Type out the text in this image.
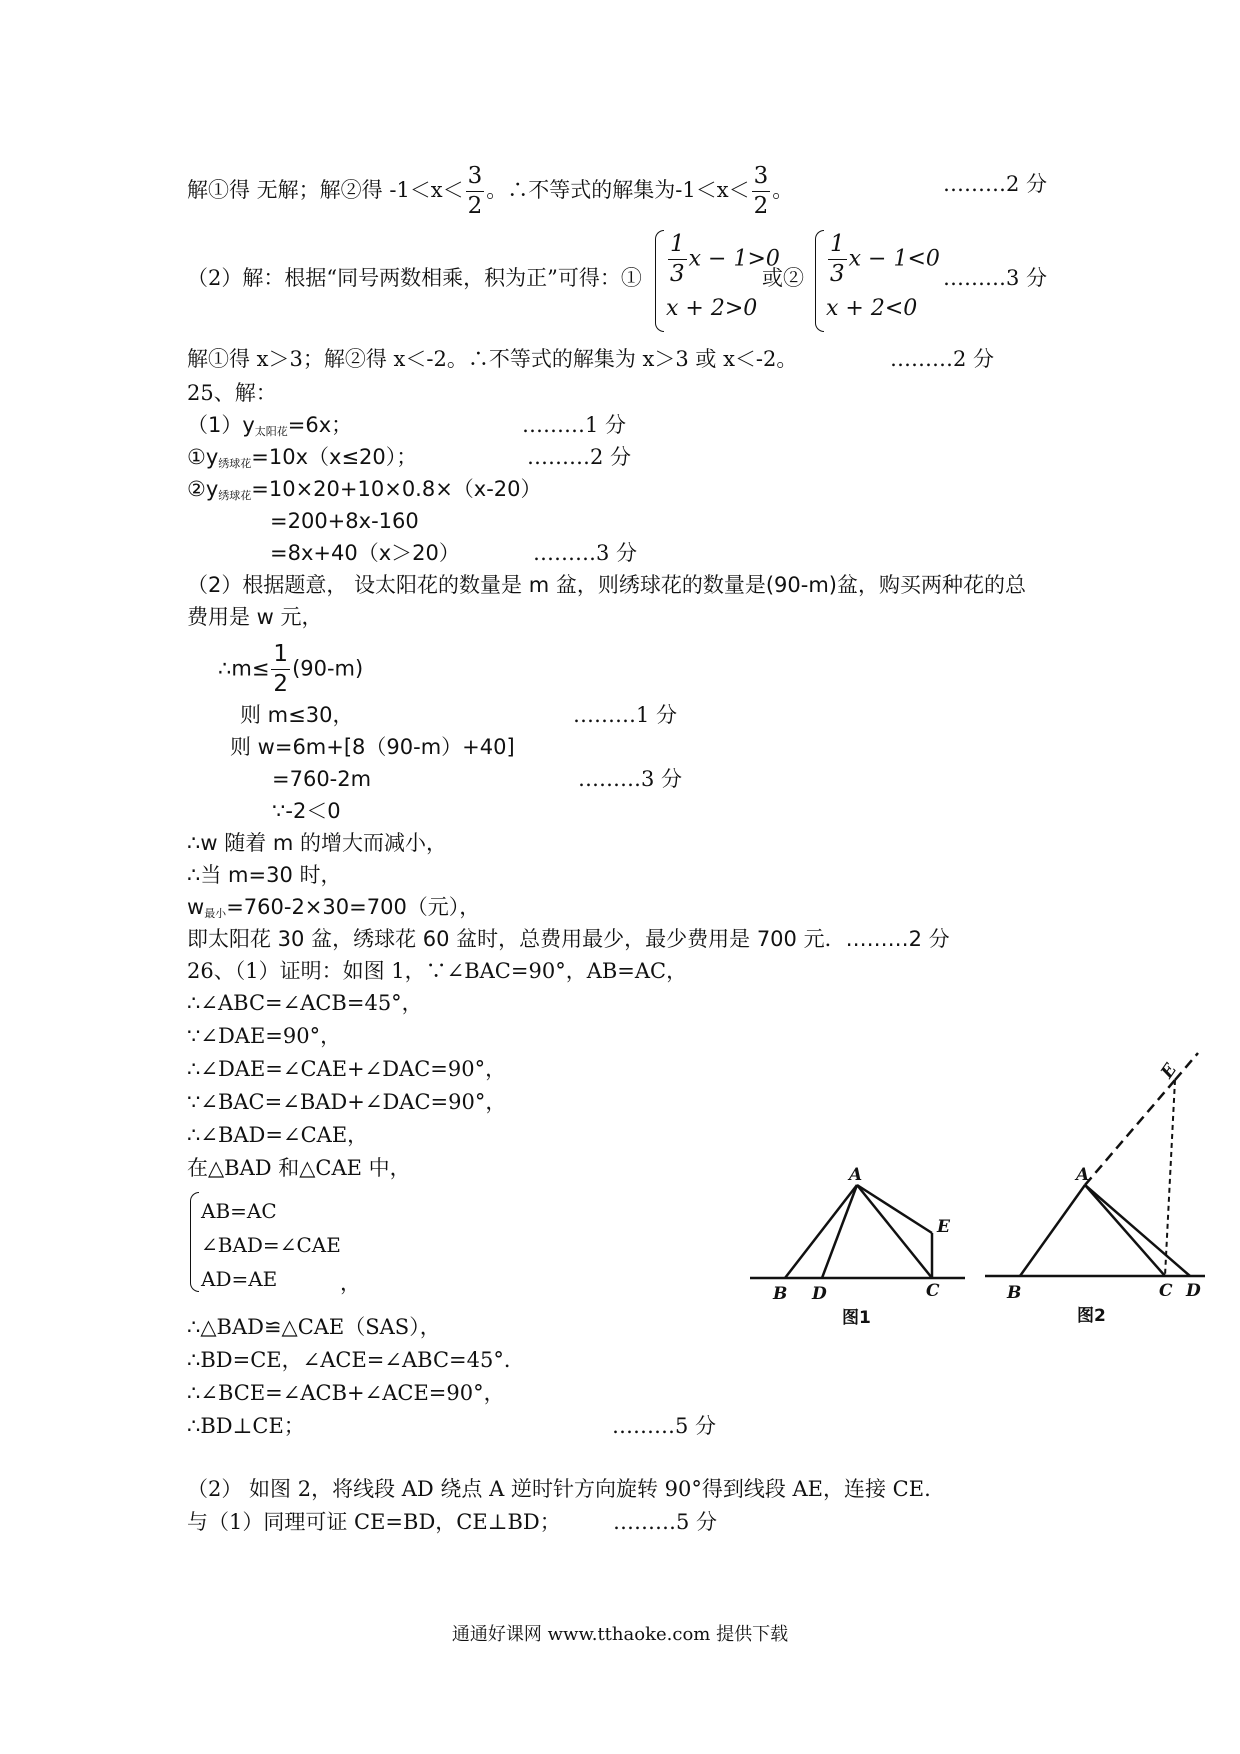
解①得 无解；解②得 $-1<x< \frac{3}{2}$ 。∴不等式的解集为$-1<x< \frac{3}{2}$ 。	………2 分
（2）解：根据“同号两数相乘，积为正”可得：① $\frac{1}{3}$ x − 1>0
x + 2>0
或② $\frac{1}{3}$ x − 1<0
x + 2<0
………3 分
解①得 x＞3；解②得 x＜-2。∴不等式的解集为 x＞3 或 x＜-2。	………2 分
25、解：
$(1)y_{太阳花}=6x$；	………1 分
$①y_{绣球花}=10x(x\le 20)$；	………2 分
$②y_{绣球花}=10\times 20+10\times 0.8\times(x-20)$
=200+8x-160
=8x+40（x＞20）	………3 分
（2）根据题意， 设太阳花的数量是 m 盆，则绣球花的数量是(90-m)盆，购买两种花的总
费用是 w 元，
∴m≤ $\frac{1}{2} (90-m)$
则 m≤30，	………1 分
则 w=6m+[8（90-m）+40]
=760-2m	………3 分
∵-2＜0
∴w 随着 m 的增大而减小，
∴当 m=30 时，
$w_{最小}=760-2\times 30=700$（元），
即太阳花 30 盆，绣球花 60 盆时，总费用最少，最少费用是 700 元．………2 分
26、（1）证明：如图 1，∵∠BAC=90°，AB=AC，
∴∠ABC=∠ACB=45°，
∵∠DAE=90°，
∴∠DAE=∠CAE+∠DAC=90°，
∵∠BAC=∠BAD+∠DAC=90°，
∴∠BAD=∠CAE，
在△BAD 和△CAE 中，
AB=AC
∠BAD=∠CAE
AD=AE	，
∴△BAD≌△CAE（SAS），
∴BD=CE，∠ACE=∠ABC=45°．
∴∠BCE=∠ACB+∠ACE=90°，
∴BD⊥CE；	………5 分
（2） 如图 2，将线段 AD 绕点 A 逆时针方向旋转 90°得到线段 AE，连接 CE.
与（1）同理可证 CE=BD，CE⊥BD； ………5 分
A
B D	C
E
图1
A
B	C D
E
图2
通通好课网 www.tthaoke.com 提供下载
